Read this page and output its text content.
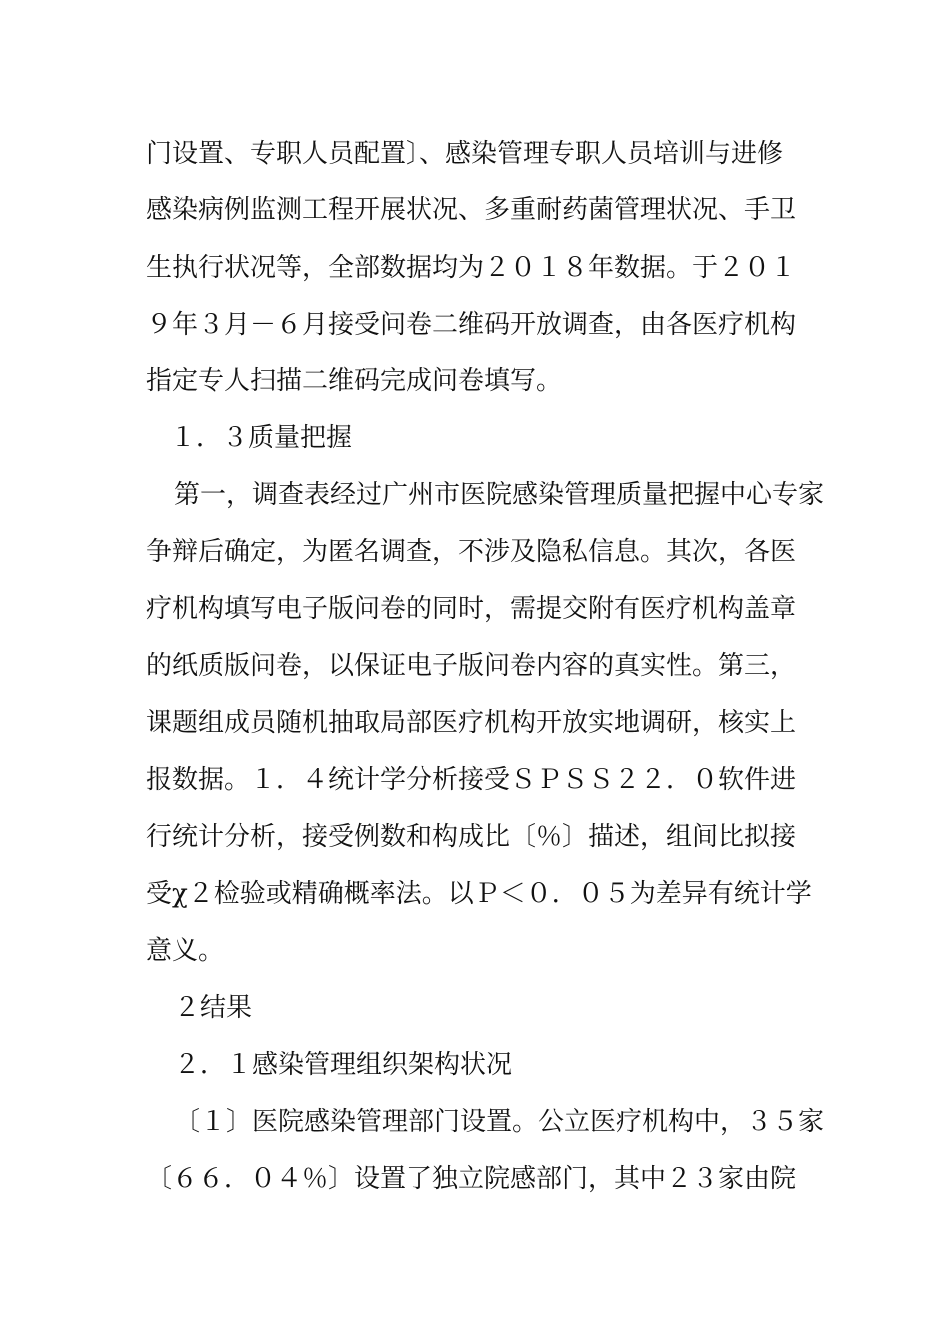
门设置、专职人员配置〕、感染管理专职人员培训与进修
感染病例监测工程开展状况、多重耐药菌管理状况、手卫
生执行状况等，全部数据均为２０１８年数据。于２０１
９年３月－６月接受问卷二维码开放调查，由各医疗机构
指定专人扫描二维码完成问卷填写。
１．３质量把握
第一，调查表经过广州市医院感染管理质量把握中心专家
争辩后确定，为匿名调查，不涉及隐私信息。其次，各医
疗机构填写电子版问卷的同时，需提交附有医疗机构盖章
的纸质版问卷，以保证电子版问卷内容的真实性。第三，
课题组成员随机抽取局部医疗机构开放实地调研，核实上
报数据。１．４统计学分析接受ＳＰＳＳ２２．０软件进
行统计分析，接受例数和构成比〔％〕描述，组间比拟接
受χ２检验或精确概率法。以Ｐ＜０．０５为差异有统计学
意义。
２结果
２．１感染管理组织架构状况
〔１〕医院感染管理部门设置。公立医疗机构中，３５家
〔６６．０４％〕设置了独立院感部门，其中２３家由院
